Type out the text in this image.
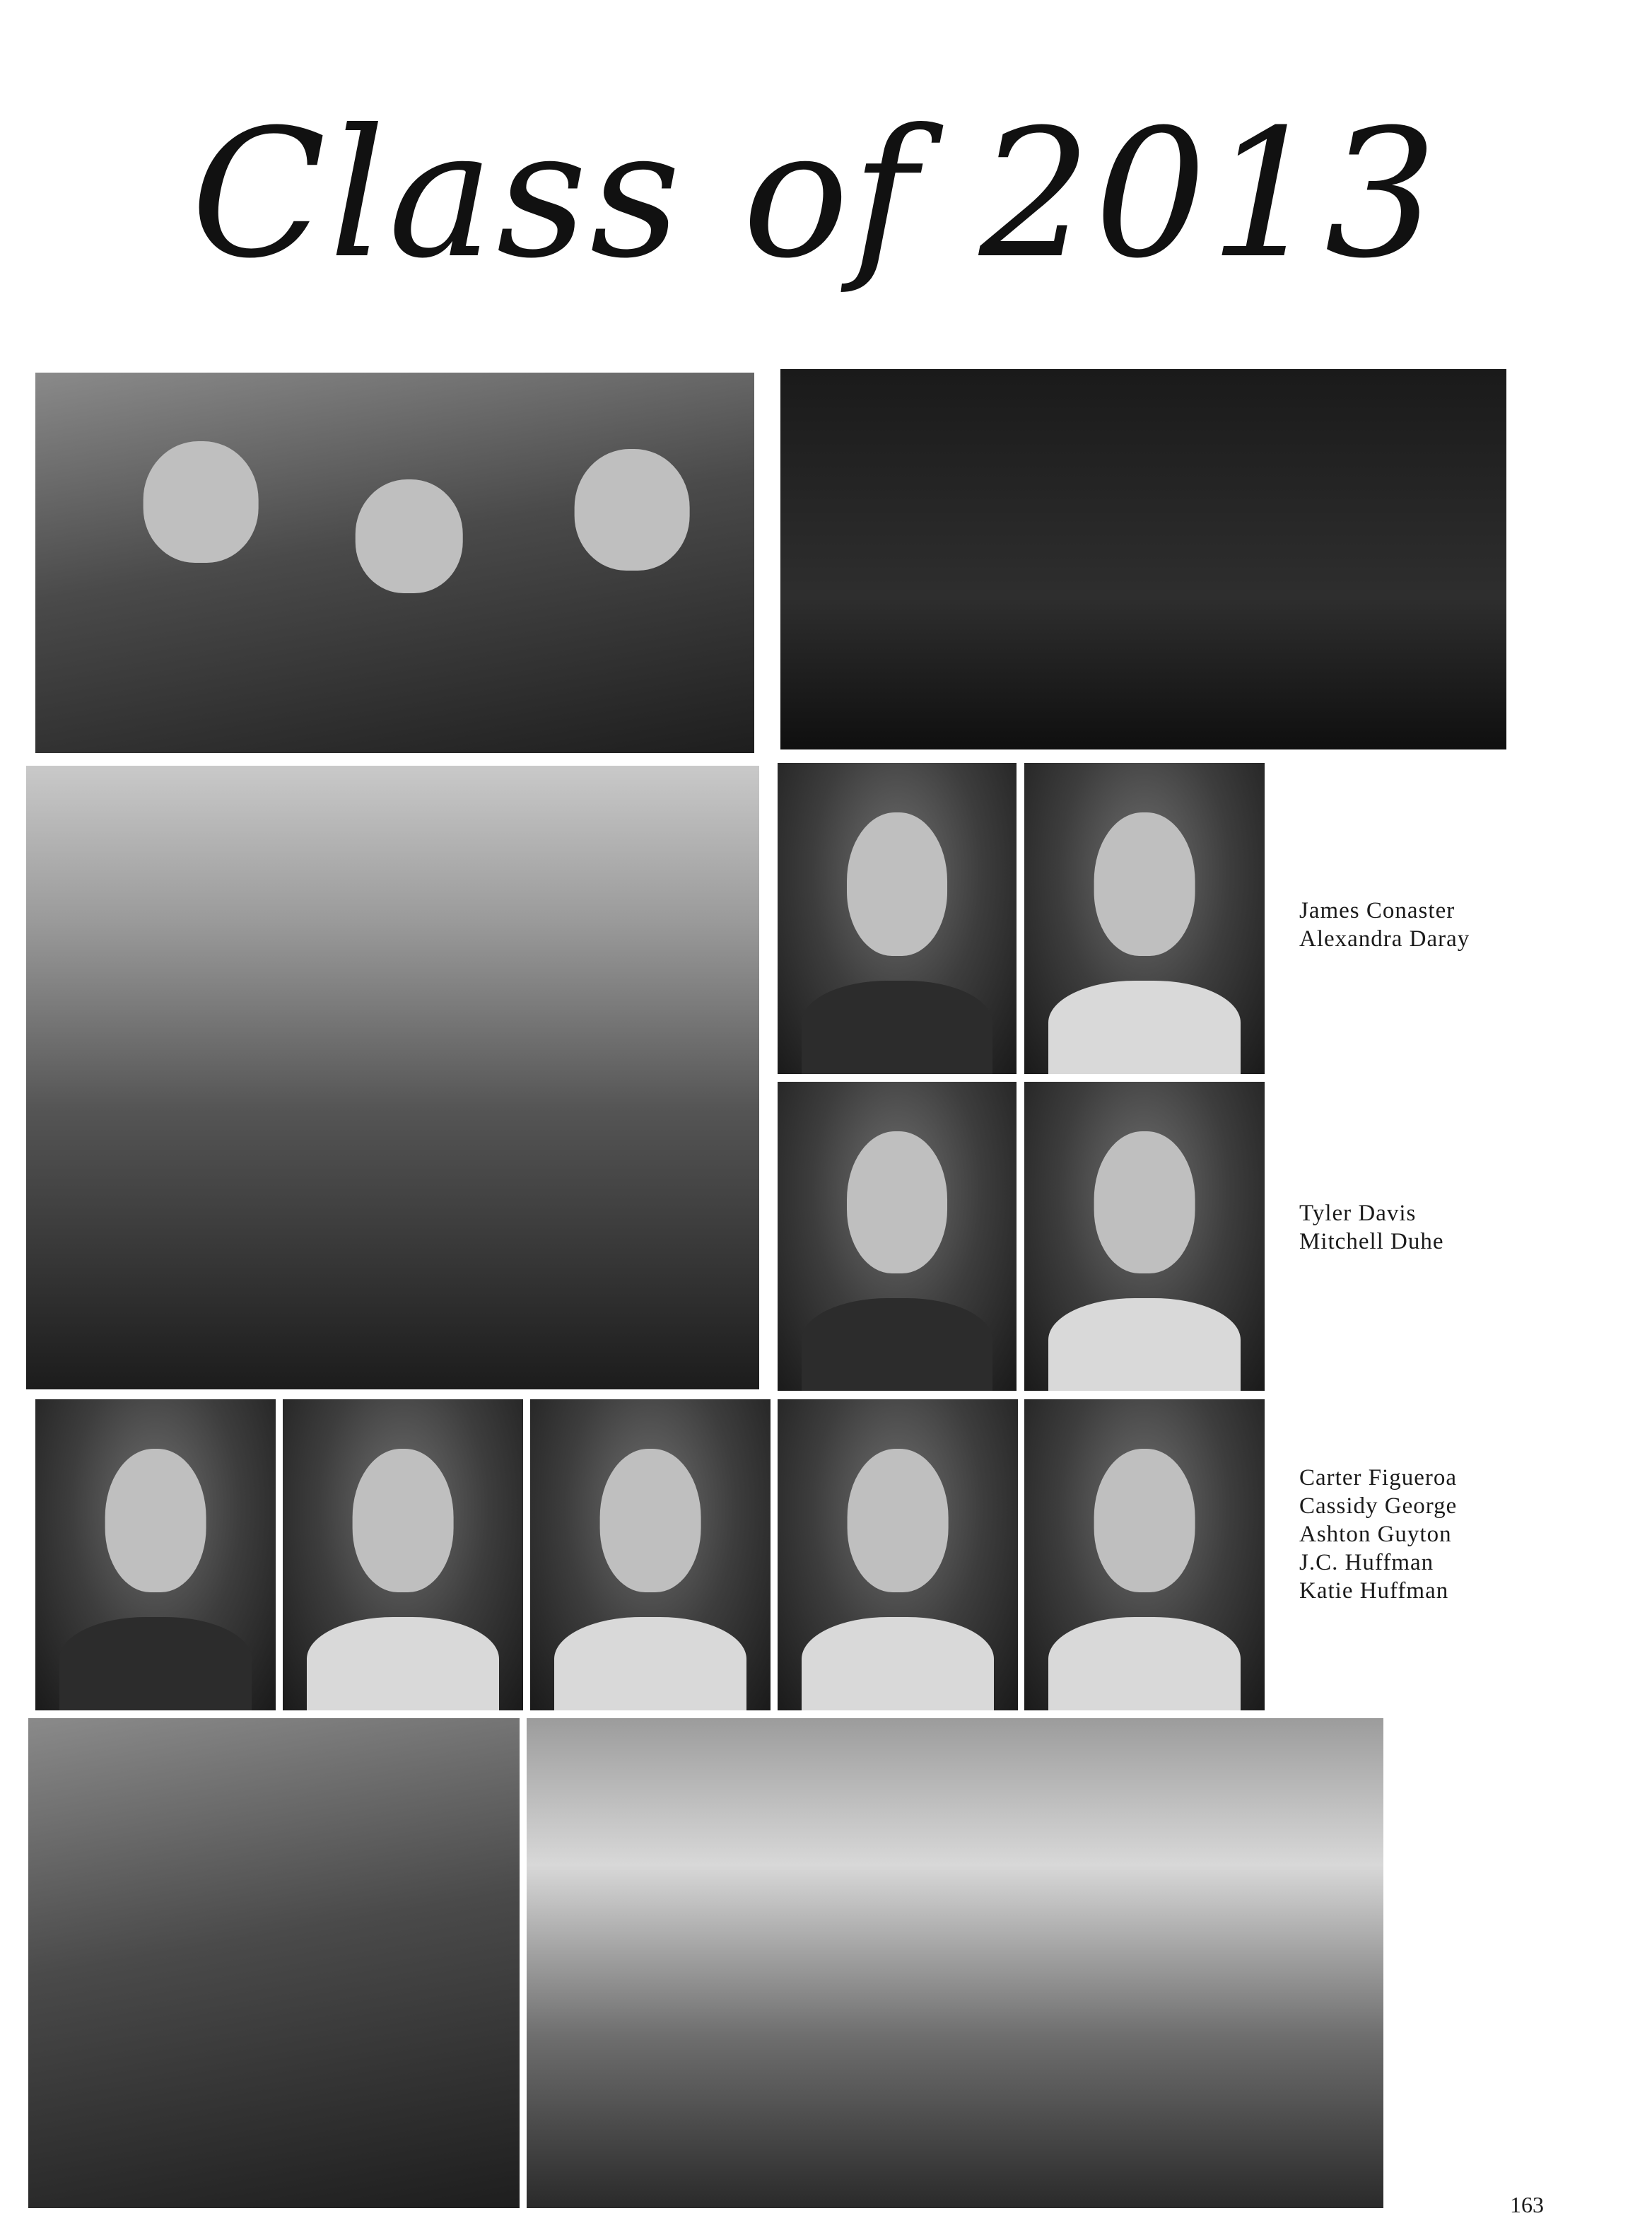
Class of 2013
James Conaster
Alexandra Daray
Tyler Davis
Mitchell Duhe
Carter Figueroa
Cassidy George
Ashton Guyton
J.C. Huffman
Katie Huffman
163
